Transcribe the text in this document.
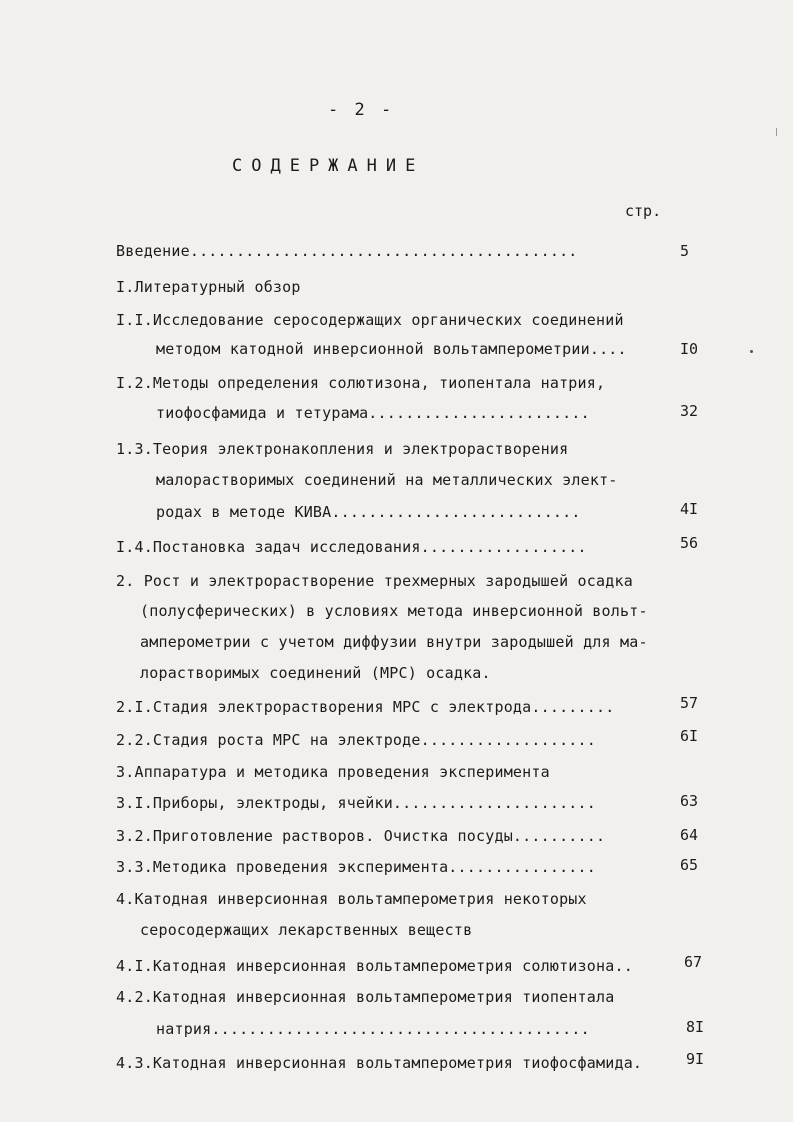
- 2 -
СОДЕРЖАНИЕ
стр.
Введение..........................................	5
I.Литературный обзор
I.I.Исследование серосодержащих органических соединений
методом катодной инверсионной вольтамперометрии....	I0
I.2.Методы определения солютизона, тиопентала натрия,
тиофосфамида и тетурама........................	32
1.3.Теория электронакопления и электрорастворения
малорастворимых соединений на металлических элект-
родах в методе КИВА...........................	4I
I.4.Постановка задач исследования..................	56
2. Рост и электрорастворение трехмерных зародышей осадка
(полусферических) в условиях метода инверсионной вольт-
амперометрии с учетом диффузии внутри зародышей для ма-
лорастворимых соединений (МРС) осадка.
2.I.Стадия электрорастворения МРС с электрода.........	57
2.2.Стадия роста МРС на электроде...................	6I
3.Аппаратура и методика проведения эксперимента
3.I.Приборы, электроды, ячейки......................	63
3.2.Приготовление растворов. Очистка посуды..........	64
3.3.Методика проведения эксперимента................	65
4.Катодная инверсионная вольтамперометрия некоторых
серосодержащих лекарственных веществ
4.I.Катодная инверсионная вольтамперометрия солютизона..	67
4.2.Катодная инверсионная вольтамперометрия тиопентала
натрия.........................................	8I
4.3.Катодная инверсионная вольтамперометрия тиофосфамида.	9I
